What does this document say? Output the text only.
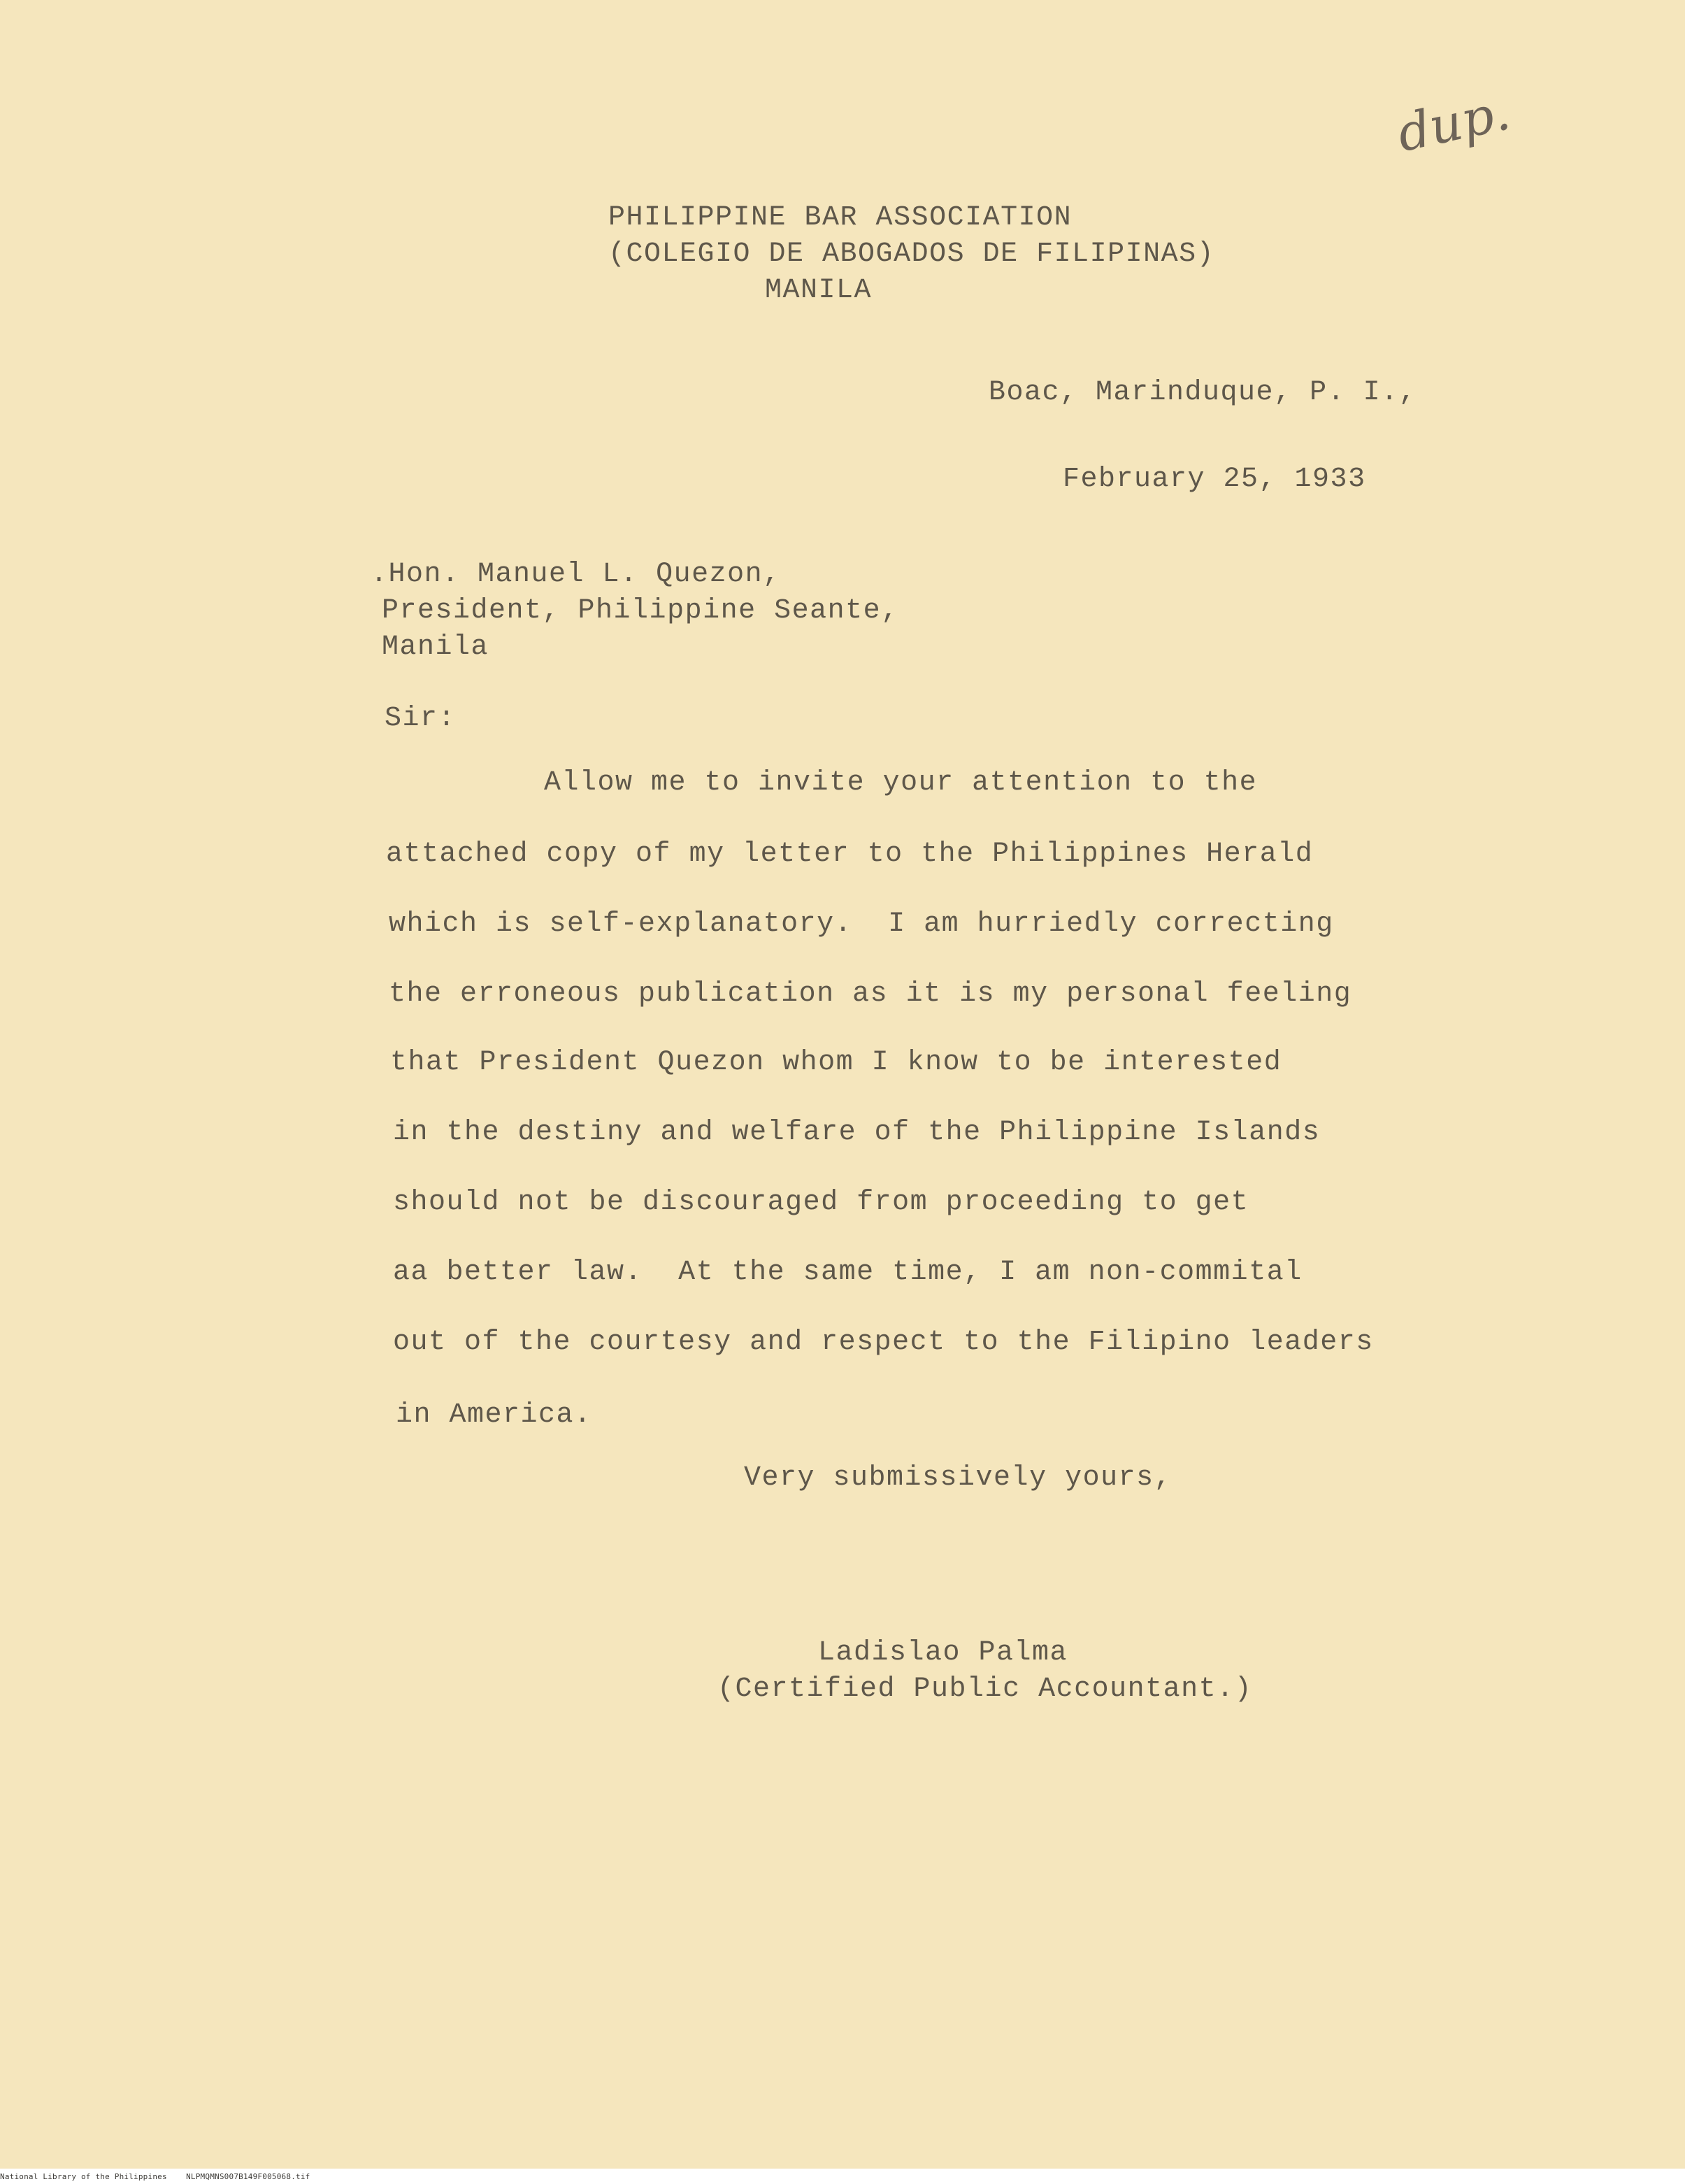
dup.
PHILIPPINE BAR ASSOCIATION
(COLEGIO DE ABOGADOS DE FILIPINAS)
MANILA
Boac, Marinduque, P. I.,
February 25, 1933
.Hon. Manuel L. Quezon,
President, Philippine Seante,
Manila
Sir:
Allow me to invite your attention to the
attached copy of my letter to the Philippines Herald
which is self-explanatory.  I am hurriedly correcting
the erroneous publication as it is my personal feeling
that President Quezon whom I know to be interested
in the destiny and welfare of the Philippine Islands
should not be discouraged from proceeding to get
aa better law.  At the same time, I am non-commital
out of the courtesy and respect to the Filipino leaders
in America.
Very submissively yours,
Ladislao Palma
(Certified Public Accountant.)
National Library of the Philippines NLPMQMNS007B149F005068.tif
